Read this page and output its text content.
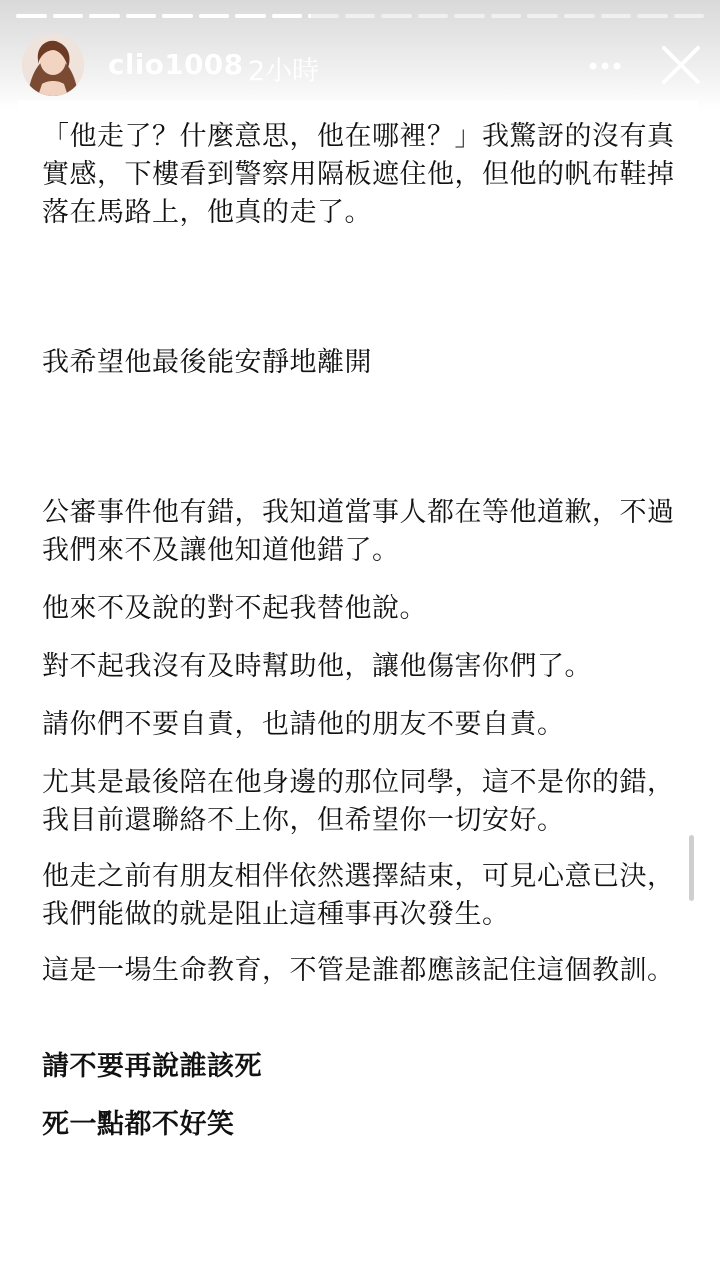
clio1008 2小時

「他走了？什麼意思，他在哪裡？」我驚訝的沒有真實感，下樓看到警察用隔板遮住他，但他的帆布鞋掉落在馬路上，他真的走了。

我希望他最後能安靜地離開

公審事件他有錯，我知道當事人都在等他道歉，不過我們來不及讓他知道他錯了。

他來不及說的對不起我替他說。

對不起我沒有及時幫助他，讓他傷害你們了。

請你們不要自責，也請他的朋友不要自責。

尤其是最後陪在他身邊的那位同學，這不是你的錯，我目前還聯絡不上你，但希望你一切安好。

他走之前有朋友相伴依然選擇結束，可見心意已決，我們能做的就是阻止這種事再次發生。

這是一場生命教育，不管是誰都應該記住這個教訓。

請不要再說誰該死

死一點都不好笑
